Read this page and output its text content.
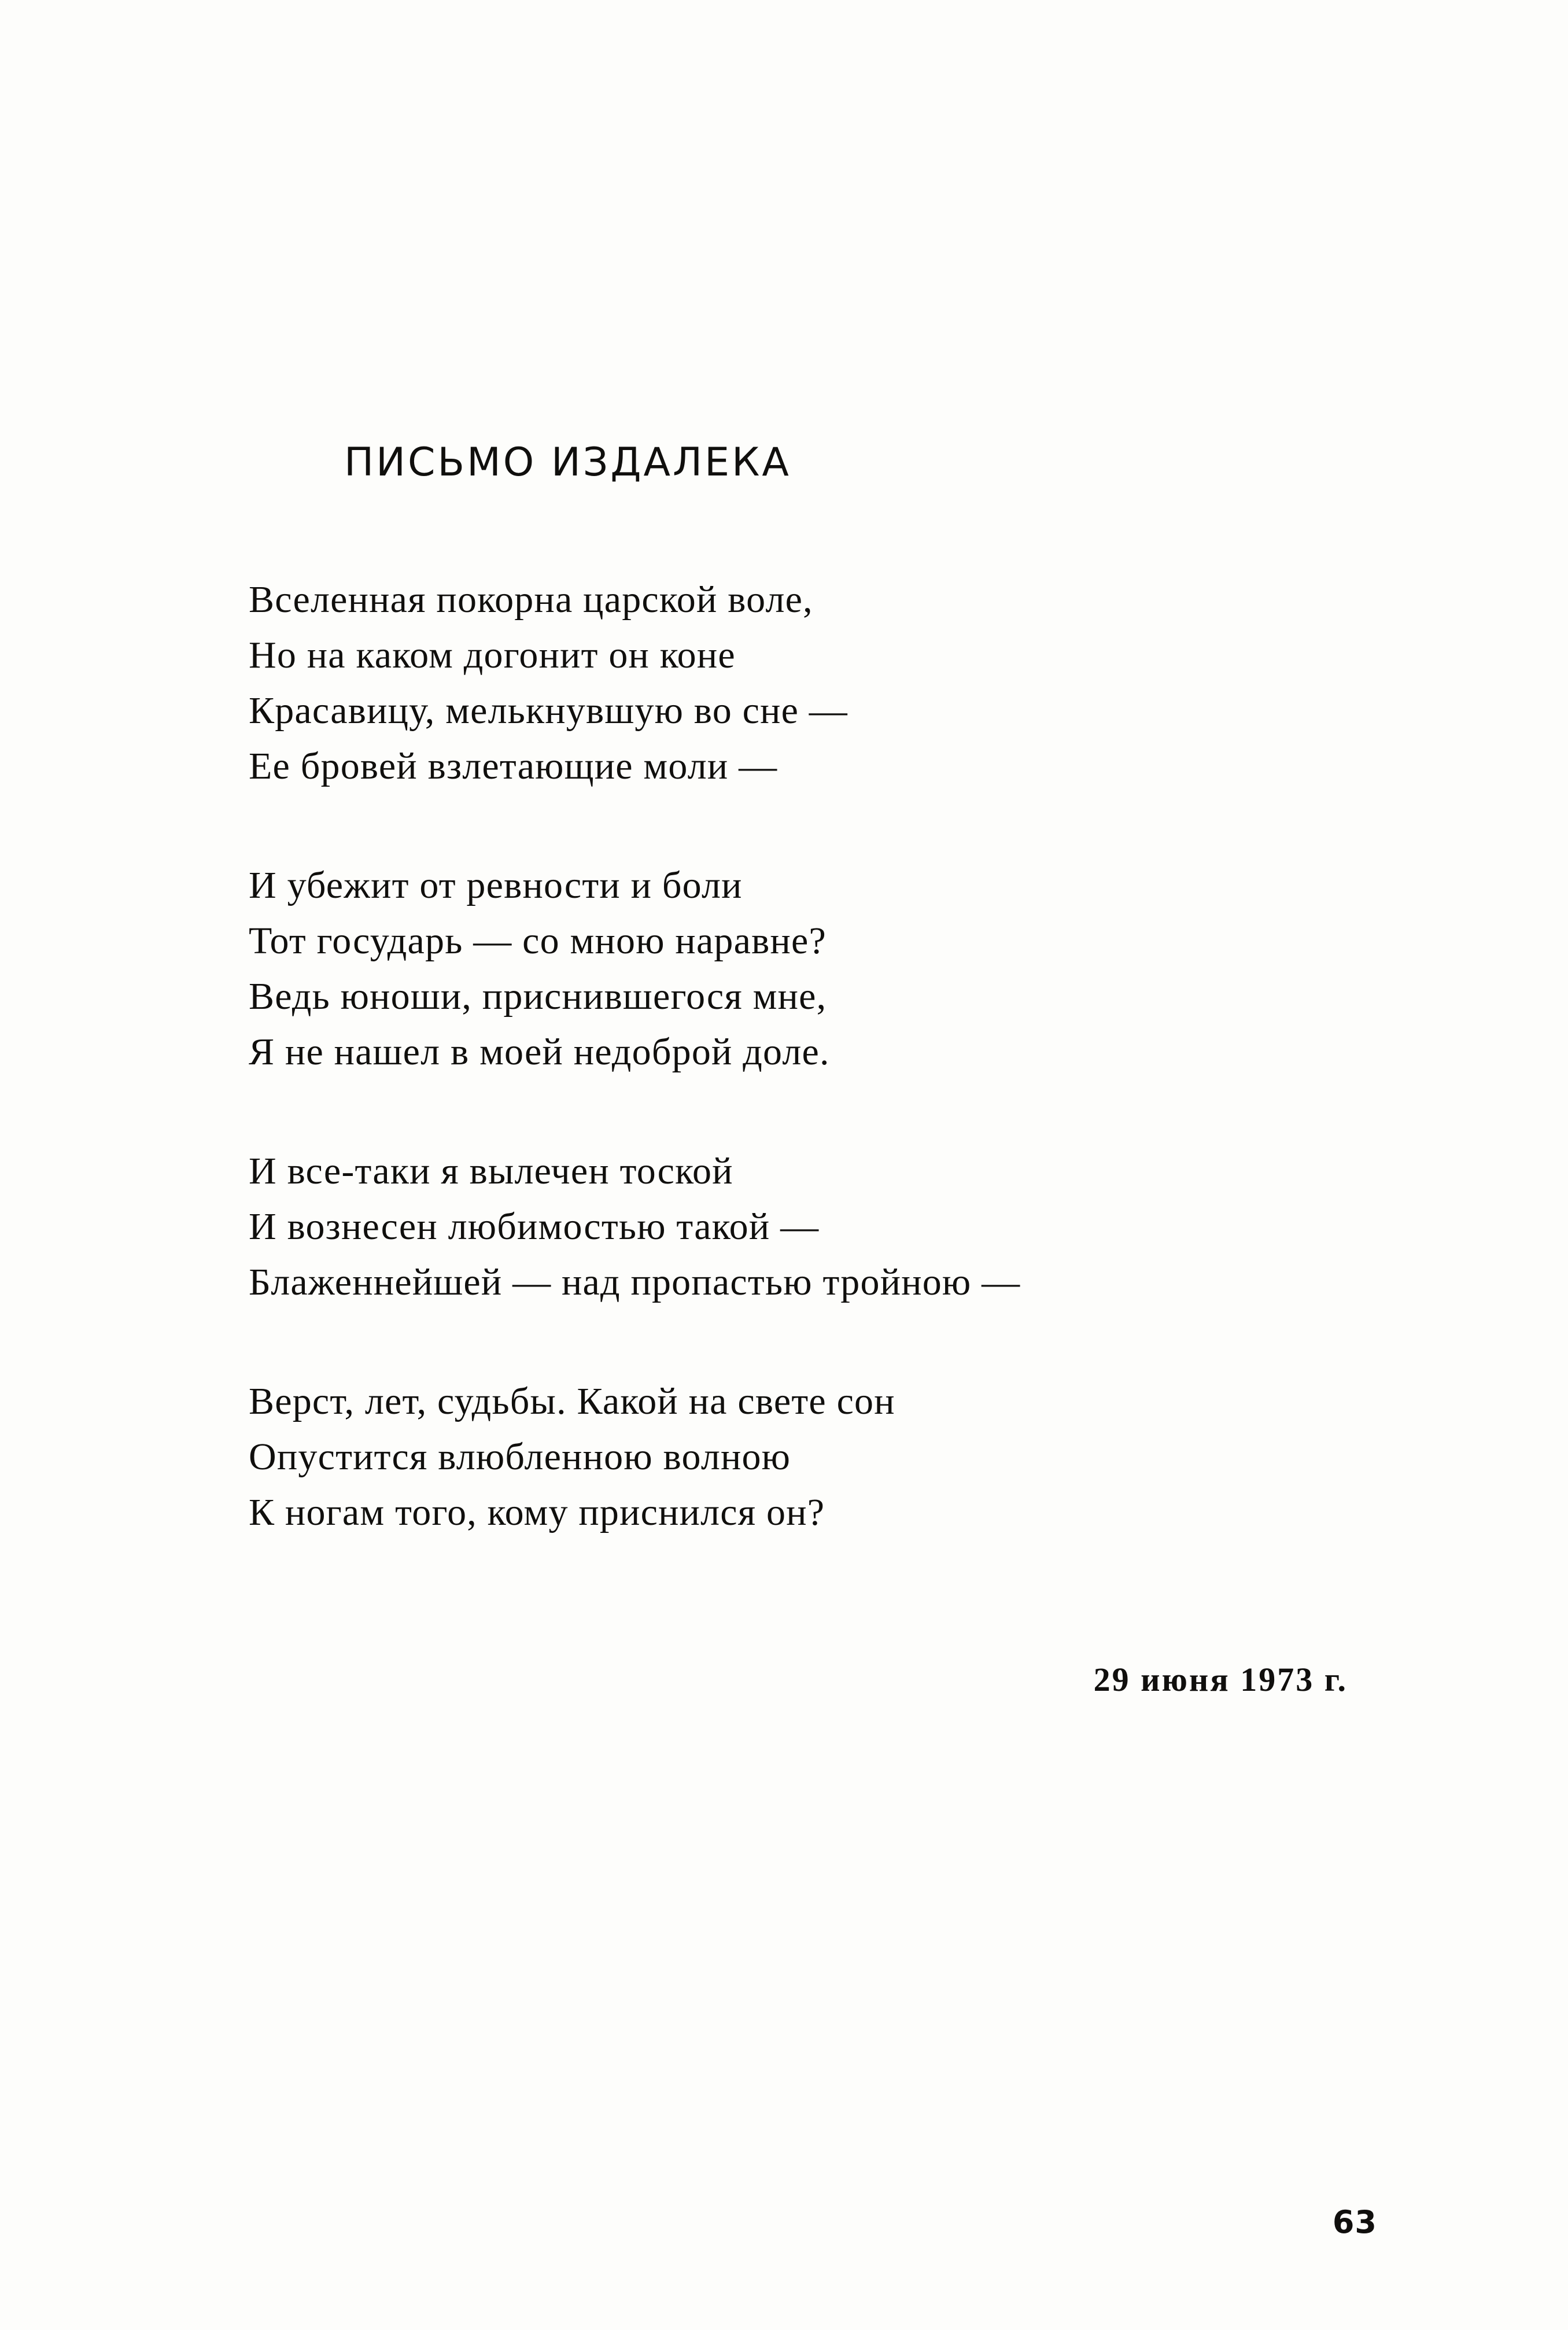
ПИСЬМО ИЗДАЛЕКА
Вселенная покорна царской воле,
Но на каком догонит он коне
Красавицу, мелькнувшую во сне —
Ее бровей взлетающие моли —
И убежит от ревности и боли
Тот государь — со мною наравне?
Ведь юноши, приснившегося мне,
Я не нашел в моей недоброй доле.
И все-таки я вылечен тоской
И вознесен любимостью такой —
Блаженнейшей — над пропастью тройною —
Верст, лет, судьбы. Какой на свете сон
Опустится влюбленною волною
К ногам того, кому приснился он?
29 июня 1973 г.
63
